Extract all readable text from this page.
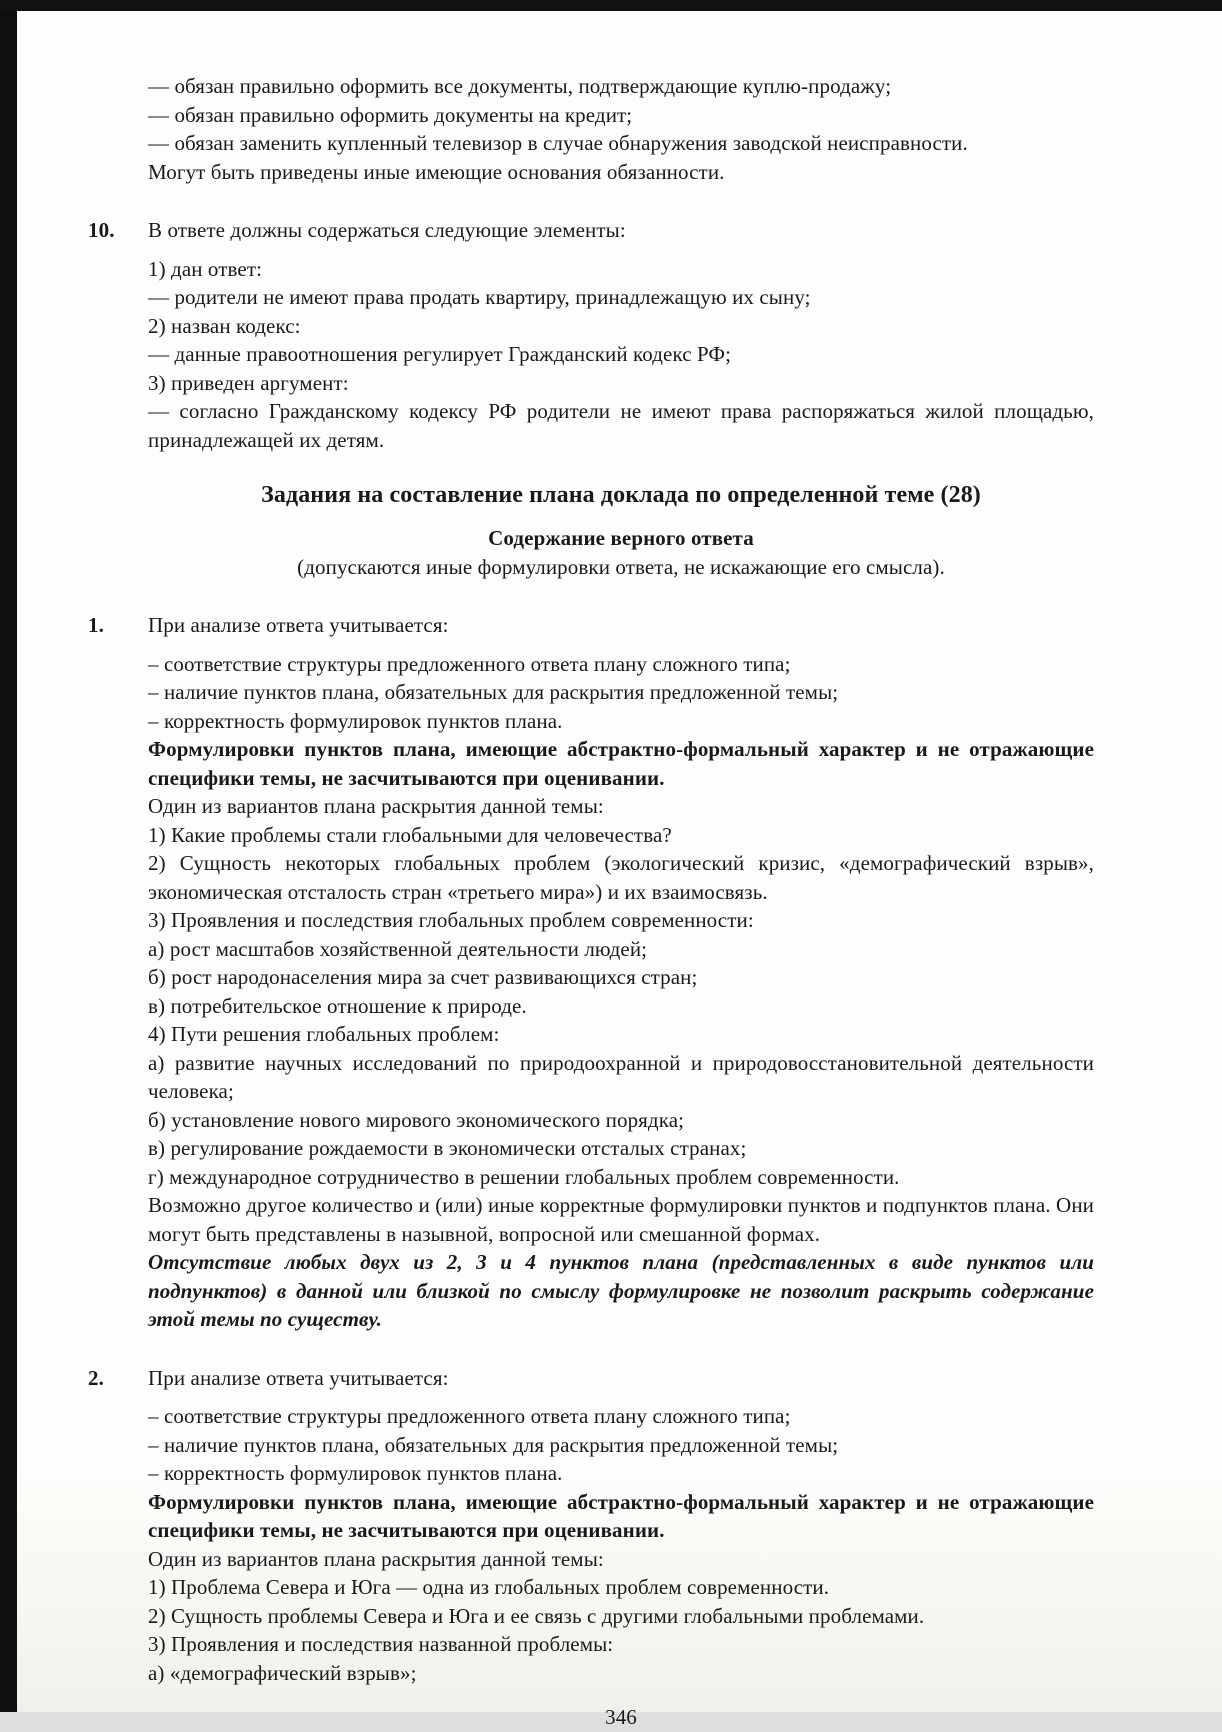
— обязан правильно оформить все документы, подтверждающие куплю-продажу;

— обязан правильно оформить документы на кредит;

— обязан заменить купленный телевизор в случае обнаружения заводской неисправности.

Могут быть приведены иные имеющие основания обязанности.

10. В ответе должны содержаться следующие элементы:

1) дан ответ:

— родители не имеют права продать квартиру, принадлежащую их сыну;

2) назван кодекс:

— данные правоотношения регулирует Гражданский кодекс РФ;

3) приведен аргумент:

— согласно Гражданскому кодексу РФ родители не имеют права распоряжаться жилой площадью, принадлежащей их детям.

Задания на составление плана доклада по определенной теме (28)

Содержание верного ответа

(допускаются иные формулировки ответа, не искажающие его смысла).

1. При анализе ответа учитывается:

– соответствие структуры предложенного ответа плану сложного типа;

– наличие пунктов плана, обязательных для раскрытия предложенной темы;

– корректность формулировок пунктов плана.

Формулировки пунктов плана, имеющие абстрактно-формальный характер и не отражающие специфики темы, не засчитываются при оценивании.

Один из вариантов плана раскрытия данной темы:

1) Какие проблемы стали глобальными для человечества?

2) Сущность некоторых глобальных проблем (экологический кризис, «демографический взрыв», экономическая отсталость стран «третьего мира») и их взаимосвязь.

3) Проявления и последствия глобальных проблем современности:

а) рост масштабов хозяйственной деятельности людей;

б) рост народонаселения мира за счет развивающихся стран;

в) потребительское отношение к природе.

4) Пути решения глобальных проблем:

а) развитие научных исследований по природоохранной и природовосстановительной деятельности человека;

б) установление нового мирового экономического порядка;

в) регулирование рождаемости в экономически отсталых странах;

г) международное сотрудничество в решении глобальных проблем современности.

Возможно другое количество и (или) иные корректные формулировки пунктов и подпунктов плана. Они могут быть представлены в назывной, вопросной или смешанной формах.

Отсутствие любых двух из 2, 3 и 4 пунктов плана (представленных в виде пунктов или подпунктов) в данной или близкой по смыслу формулировке не позволит раскрыть содержание этой темы по существу.

2. При анализе ответа учитывается:

– соответствие структуры предложенного ответа плану сложного типа;

– наличие пунктов плана, обязательных для раскрытия предложенной темы;

– корректность формулировок пунктов плана.

Формулировки пунктов плана, имеющие абстрактно-формальный характер и не отражающие специфики темы, не засчитываются при оценивании.

Один из вариантов плана раскрытия данной темы:

1) Проблема Севера и Юга — одна из глобальных проблем современности.

2) Сущность проблемы Севера и Юга и ее связь с другими глобальными проблемами.

3) Проявления и последствия названной проблемы:

а) «демографический взрыв»;

346
